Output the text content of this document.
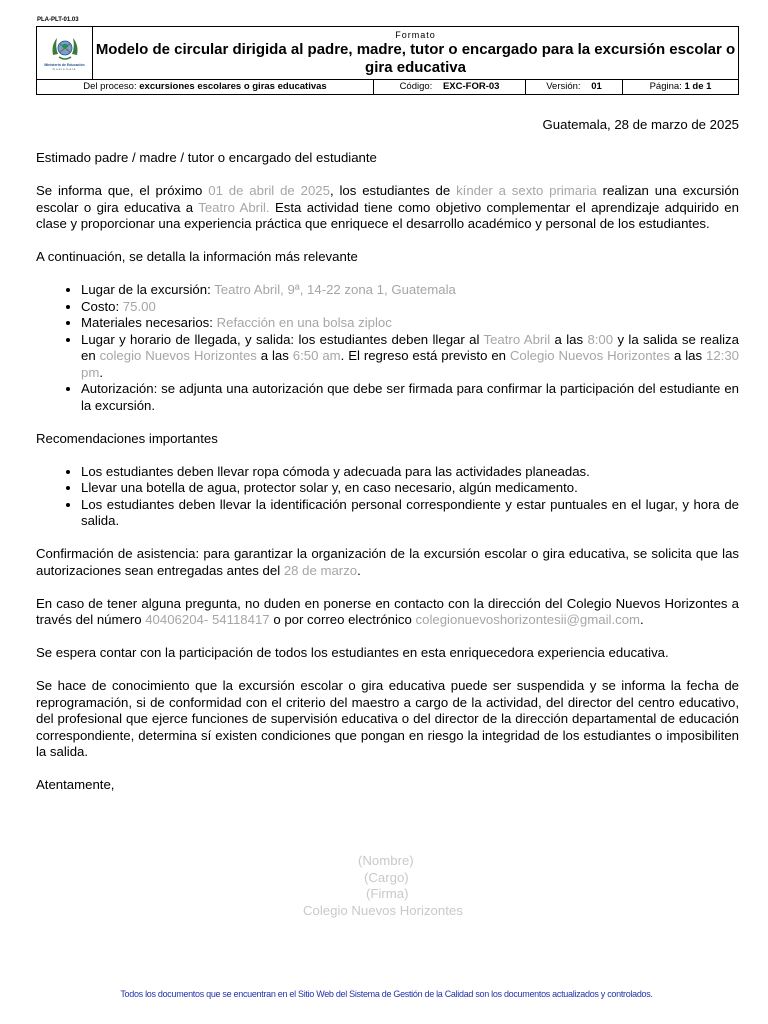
PLA-PLT-01.03
Ministerio de Educación
Guatemala
Formato
Modelo de circular dirigida al padre, madre, tutor o encargado para la excursión escolar o gira educativa
Del proceso: excursiones escolares o giras educativas	Código: EXC-FOR-03	Versión: 01	Página: 1 de 1

Guatemala, 28 de marzo de 2025

Estimado padre / madre / tutor o encargado del estudiante

Se informa que, el próximo 01 de abril de 2025, los estudiantes de kínder a sexto primaria realizan una excursión escolar o gira educativa a Teatro Abril. Esta actividad tiene como objetivo complementar el aprendizaje adquirido en clase y proporcionar una experiencia práctica que enriquece el desarrollo académico y personal de los estudiantes.

A continuación, se detalla la información más relevante

• Lugar de la excursión: Teatro Abril, 9ª, 14-22 zona 1, Guatemala
• Costo: 75.00
• Materiales necesarios: Refacción en una bolsa ziploc
• Lugar y horario de llegada, y salida: los estudiantes deben llegar al Teatro Abril a las 8:00 y la salida se realiza en colegio Nuevos Horizontes a las 6:50 am. El regreso está previsto en Colegio Nuevos Horizontes a las 12:30 pm.
• Autorización: se adjunta una autorización que debe ser firmada para confirmar la participación del estudiante en la excursión.

Recomendaciones importantes

• Los estudiantes deben llevar ropa cómoda y adecuada para las actividades planeadas.
• Llevar una botella de agua, protector solar y, en caso necesario, algún medicamento.
• Los estudiantes deben llevar la identificación personal correspondiente y estar puntuales en el lugar, y hora de salida.

Confirmación de asistencia: para garantizar la organización de la excursión escolar o gira educativa, se solicita que las autorizaciones sean entregadas antes del 28 de marzo.

En caso de tener alguna pregunta, no duden en ponerse en contacto con la dirección del Colegio Nuevos Horizontes a través del número 40406204- 54118417 o por correo electrónico colegionuevoshorizontesii@gmail.com.

Se espera contar con la participación de todos los estudiantes en esta enriquecedora experiencia educativa.

Se hace de conocimiento que la excursión escolar o gira educativa puede ser suspendida y se informa la fecha de reprogramación, si de conformidad con el criterio del maestro a cargo de la actividad, del director del centro educativo, del profesional que ejerce funciones de supervisión educativa o del director de la dirección departamental de educación correspondiente, determina sí existen condiciones que pongan en riesgo la integridad de los estudiantes o imposibiliten la salida.

Atentamente,

(Nombre)
(Cargo)
(Firma)
Colegio Nuevos Horizontes
Todos los documentos que se encuentran en el Sitio Web del Sistema de Gestión de la Calidad son los documentos actualizados y controlados.
